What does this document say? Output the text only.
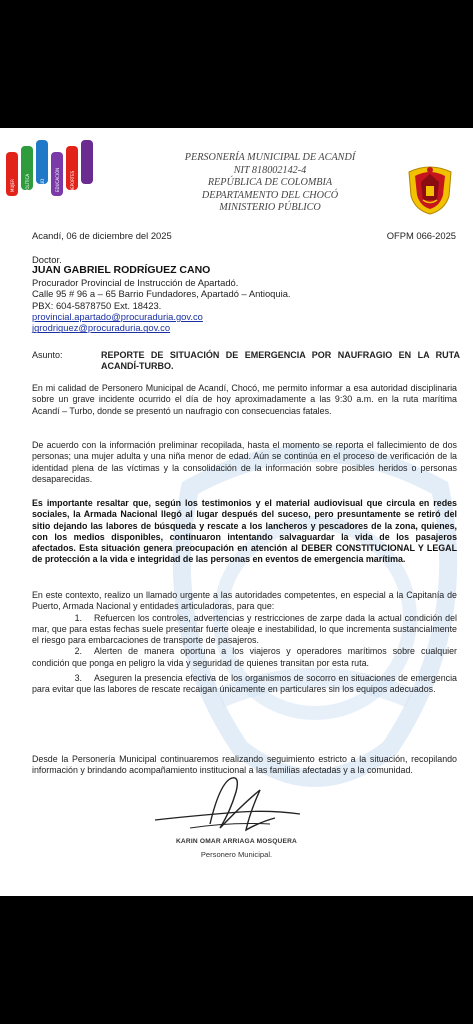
MUJER	POLÍTICA	SALUD	EDUCACIÓN	DEPORTES	PAZ
PERSONERÍA MUNICIPAL DE ACANDÍ
NIT 818002142-4
REPÚBLICA DE COLOMBIA
DEPARTAMENTO DEL CHOCÓ
MINISTERIO PÚBLICO
Acandí, 06 de diciembre del 2025	OFPM 066-2025
Doctor.
JUAN GABRIEL RODRÍGUEZ CANO
Procurador Provincial de Instrucción de Apartadó.
Calle 95 # 96 a – 65 Barrio Fundadores, Apartadó – Antioquia.
PBX: 604-5878750 Ext. 18423.
provincial.apartado@procuraduria.gov.co
jgrodriguez@procuraduria.gov.co
Asunto:	REPORTE DE SITUACIÓN DE EMERGENCIA POR NAUFRAGIO EN LA RUTA ACANDÍ-TURBO.
En mi calidad de Personero Municipal de Acandí, Chocó, me permito informar a esa autoridad disciplinaria sobre un grave incidente ocurrido el día de hoy aproximadamente a las 9:30 a.m. en la ruta marítima Acandí – Turbo, donde se presentó un naufragio con consecuencias fatales.
De acuerdo con la información preliminar recopilada, hasta el momento se reporta el fallecimiento de dos personas; una mujer adulta y una niña menor de edad. Aún se continúa en el proceso de verificación de la identidad plena de las víctimas y la consolidación de la información sobre posibles heridos o personas desaparecidas.
Es importante resaltar que, según los testimonios y el material audiovisual que circula en redes sociales, la Armada Nacional llegó al lugar después del suceso, pero presuntamente se retiró del sitio dejando las labores de búsqueda y rescate a los lancheros y pescadores de la zona, quienes, con los medios disponibles, continuaron intentando salvaguardar la vida de los pasajeros afectados. Esta situación genera preocupación en atención al DEBER CONSTITUCIONAL Y LEGAL de protección a la vida e integridad de las personas en eventos de emergencia marítima.
En este contexto, realizo un llamado urgente a las autoridades competentes, en especial a la Capitanía de Puerto, Armada Nacional y entidades articuladoras, para que:
1. Refuercen los controles, advertencias y restricciones de zarpe dada la actual condición del mar, que para estas fechas suele presentar fuerte oleaje e inestabilidad, lo que incrementa sustancialmente el riesgo para embarcaciones de transporte de pasajeros.
2. Alerten de manera oportuna a los viajeros y operadores marítimos sobre cualquier condición que ponga en peligro la vida y seguridad de quienes transitan por esta ruta.
3. Aseguren la presencia efectiva de los organismos de socorro en situaciones de emergencia para evitar que las labores de rescate recaigan únicamente en particulares sin los equipos adecuados.
Desde la Personería Municipal continuaremos realizando seguimiento estricto a la situación, recopilando información y brindando acompañamiento institucional a las familias afectadas y a la comunidad.
KARIN OMAR ARRIAGA MOSQUERA
Personero Municipal.
